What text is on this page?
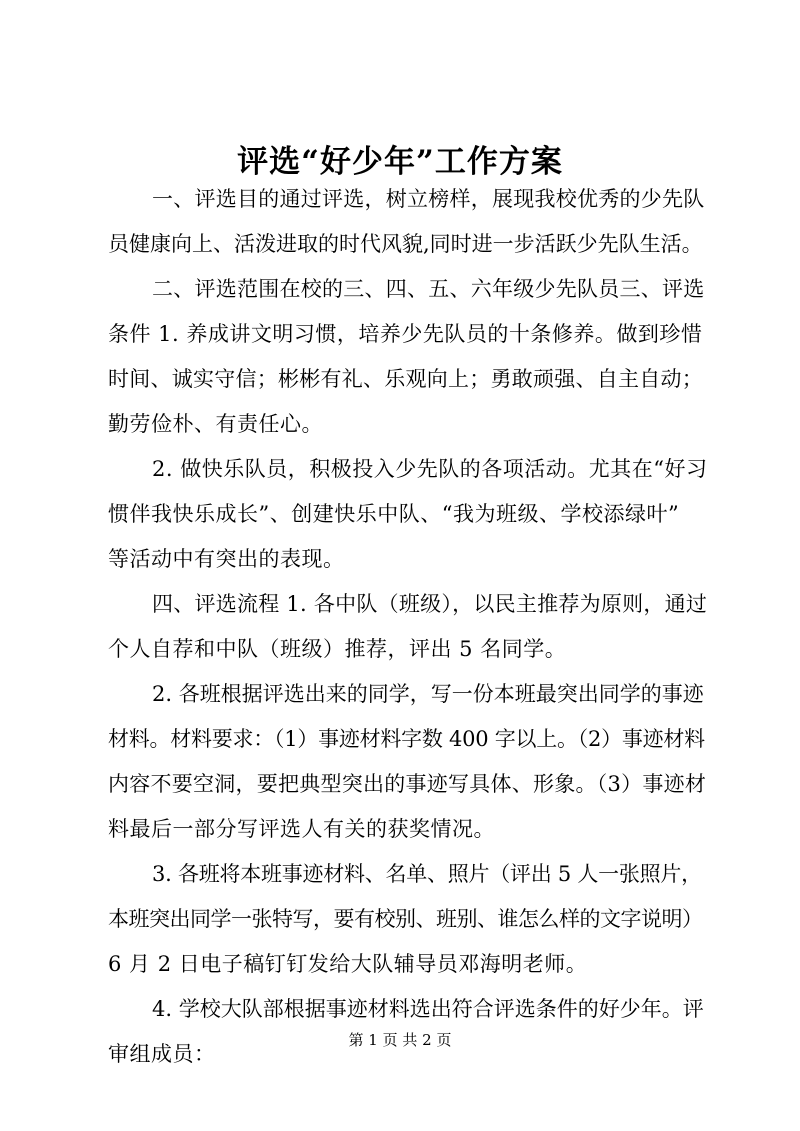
评选“好少年”工作方案
一、评选目的通过评选，树立榜样，展现我校优秀的少先队
员健康向上、活泼进取的时代风貌,同时进一步活跃少先队生活。
二、评选范围在校的三、四、五、六年级少先队员三、评选
条件 1. 养成讲文明习惯，培养少先队员的十条修养。做到珍惜
时间、诚实守信；彬彬有礼、乐观向上；勇敢顽强、自主自动；
勤劳俭朴、有责任心。
2. 做快乐队员，积极投入少先队的各项活动。尤其在“好习
惯伴我快乐成长”、创建快乐中队、“我为班级、学校添绿叶”
等活动中有突出的表现。
四、评选流程 1. 各中队（班级），以民主推荐为原则，通过
个人自荐和中队（班级）推荐，评出 5 名同学。
2. 各班根据评选出来的同学，写一份本班最突出同学的事迹
材料。材料要求：（1）事迹材料字数 400 字以上。（2）事迹材料
内容不要空洞，要把典型突出的事迹写具体、形象。（3）事迹材
料最后一部分写评选人有关的获奖情况。
3. 各班将本班事迹材料、名单、照片（评出 5 人一张照片，
本班突出同学一张特写，要有校别、班别、谁怎么样的文字说明）
6 月 2 日电子稿钉钉发给大队辅导员邓海明老师。
4. 学校大队部根据事迹材料选出符合评选条件的好少年。评
审组成员：
第 1 页 共 2 页
